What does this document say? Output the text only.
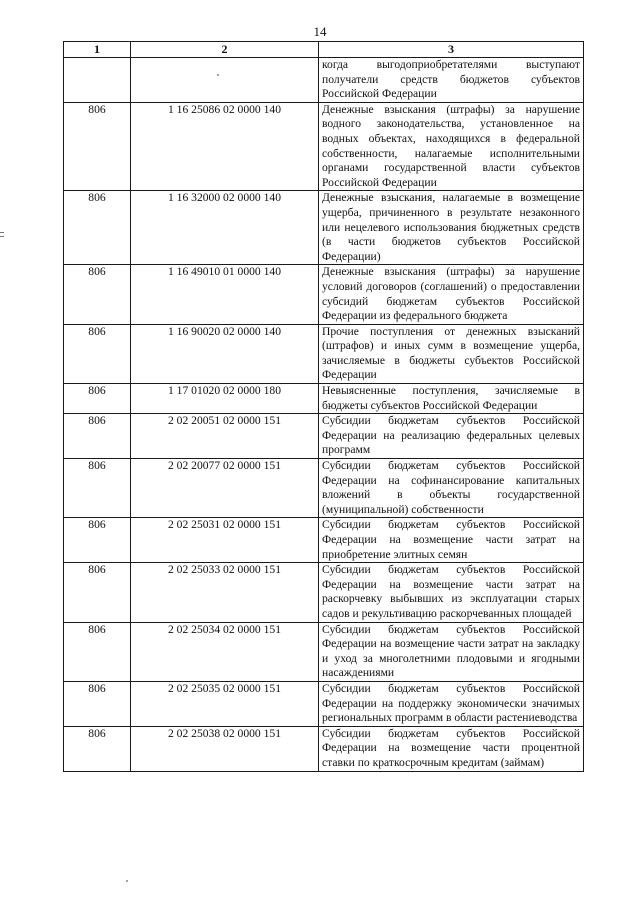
14
1	2	3
		когда выгодоприобретателями выступают получатели средств бюджетов субъектов Российской Федерации
806	1 16 25086 02 0000 140	Денежные взыскания (штрафы) за нарушение водного законодательства, установленное на водных объектах, находящихся в федеральной собственности, налагаемые исполнительными органами государственной власти субъектов Российской Федерации
806	1 16 32000 02 0000 140	Денежные взыскания, налагаемые в возмещение ущерба, причиненного в результате незаконного или нецелевого использования бюджетных средств (в части бюджетов субъектов Российской Федерации)
806	1 16 49010 01 0000 140	Денежные взыскания (штрафы) за нарушение условий договоров (соглашений) о предоставлении субсидий бюджетам субъектов Российской Федерации из федерального бюджета
806	1 16 90020 02 0000 140	Прочие поступления от денежных взысканий (штрафов) и иных сумм в возмещение ущерба, зачисляемые в бюджеты субъектов Российской Федерации
806	1 17 01020 02 0000 180	Невыясненные поступления, зачисляемые в бюджеты субъектов Российской Федерации
806	2 02 20051 02 0000 151	Субсидии бюджетам субъектов Российской Федерации на реализацию федеральных целевых программ
806	2 02 20077 02 0000 151	Субсидии бюджетам субъектов Российской Федерации на софинансирование капитальных вложений в объекты государственной (муниципальной) собственности
806	2 02 25031 02 0000 151	Субсидии бюджетам субъектов Российской Федерации на возмещение части затрат на приобретение элитных семян
806	2 02 25033 02 0000 151	Субсидии бюджетам субъектов Российской Федерации на возмещение части затрат на раскорчевку выбывших из эксплуатации старых садов и рекультивацию раскорчеванных площадей
806	2 02 25034 02 0000 151	Субсидии бюджетам субъектов Российской Федерации на возмещение части затрат на закладку и уход за многолетними плодовыми и ягодными насаждениями
806	2 02 25035 02 0000 151	Субсидии бюджетам субъектов Российской Федерации на поддержку экономически значимых региональных программ в области растениеводства
806	2 02 25038 02 0000 151	Субсидии бюджетам субъектов Российской Федерации на возмещение части процентной ставки по краткосрочным кредитам (займам)
